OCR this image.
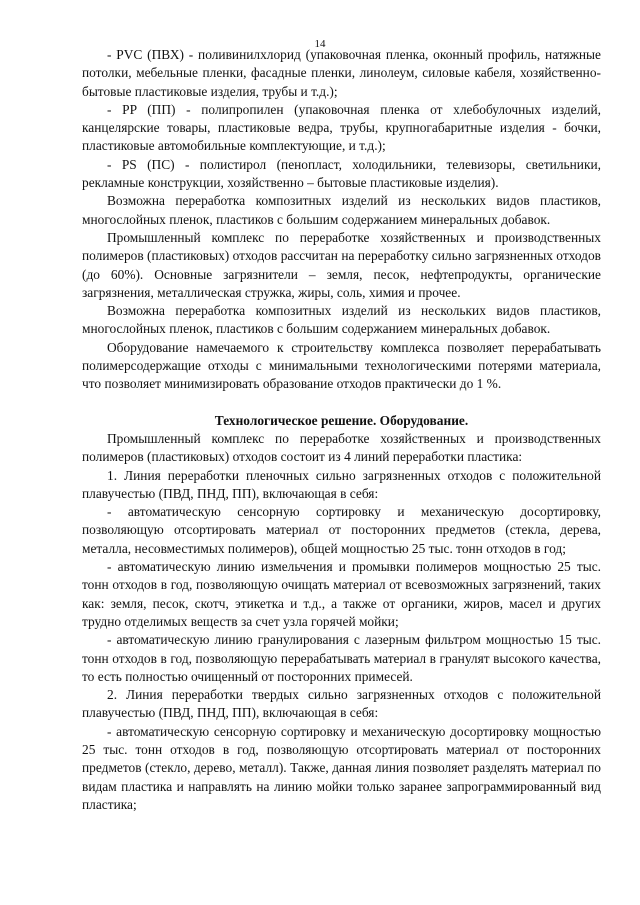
14

- PVC (ПВХ) - поливинилхлорид (упаковочная пленка, оконный профиль, натяжные потолки, мебельные пленки, фасадные пленки, линолеум, силовые кабеля, хозяйственно-бытовые пластиковые изделия, трубы и т.д.);

- PP (ПП) - полипропилен (упаковочная пленка от хлебобулочных изделий, канцелярские товары, пластиковые ведра, трубы, крупногабаритные изделия - бочки, пластиковые автомобильные комплектующие, и т.д.);

- PS (ПС) - полистирол (пенопласт, холодильники, телевизоры, светильники, рекламные конструкции, хозяйственно – бытовые пластиковые изделия).

Возможна переработка композитных изделий из нескольких видов пластиков, многослойных пленок, пластиков с большим содержанием минеральных добавок.

Промышленный комплекс по переработке хозяйственных и производственных полимеров (пластиковых) отходов рассчитан на переработку сильно загрязненных отходов (до 60%). Основные загрязнители – земля, песок, нефтепродукты, органические загрязнения, металлическая стружка, жиры, соль, химия и прочее.

Возможна переработка композитных изделий из нескольких видов пластиков, многослойных пленок, пластиков с большим содержанием минеральных добавок.

Оборудование намечаемого к строительству комплекса позволяет перерабатывать полимерсодержащие отходы с минимальными технологическими потерями материала, что позволяет минимизировать образование отходов практически до 1 %.

Технологическое решение. Оборудование.

Промышленный комплекс по переработке хозяйственных и производственных полимеров (пластиковых) отходов состоит из 4 линий переработки пластика:

1. Линия переработки пленочных сильно загрязненных отходов с положительной плавучестью (ПВД, ПНД, ПП), включающая в себя:

- автоматическую сенсорную сортировку и механическую досортировку, позволяющую отсортировать материал от посторонних предметов (стекла, дерева, металла, несовместимых полимеров), общей мощностью 25 тыс. тонн отходов в год;

- автоматическую линию измельчения и промывки полимеров мощностью 25 тыс. тонн отходов в год, позволяющую очищать материал от всевозможных загрязнений, таких как: земля, песок, скотч, этикетка и т.д., а также от органики, жиров, масел и других трудно отделимых веществ за счет узла горячей мойки;

- автоматическую линию гранулирования с лазерным фильтром мощностью 15 тыс. тонн отходов в год, позволяющую перерабатывать материал в гранулят высокого качества, то есть полностью очищенный от посторонних примесей.

2. Линия переработки твердых сильно загрязненных отходов с положительной плавучестью (ПВД, ПНД, ПП), включающая в себя:

- автоматическую сенсорную сортировку и механическую досортировку мощностью 25 тыс. тонн отходов в год, позволяющую отсортировать материал от посторонних предметов (стекло, дерево, металл). Также, данная линия позволяет разделять материал по видам пластика и направлять на линию мойки только заранее запрограммированный вид пластика;
